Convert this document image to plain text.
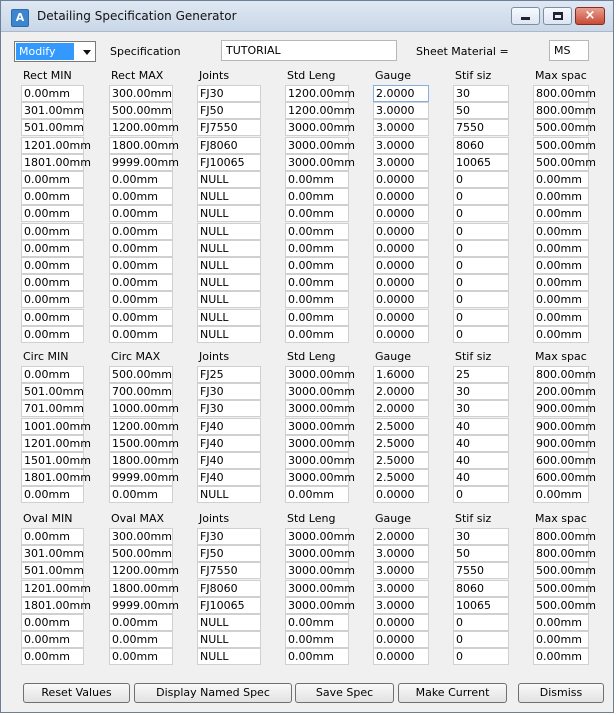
A	Detailing Specification Generator	×
Modify	Specification	TUTORIAL	Sheet Material =	MS
Rect MIN	Rect MAX	Joints	Std Leng	Gauge	Stif siz	Max spac
0.00mm	300.00mm	FJ30	1200.00mm 2.0000	30	800.00mm
301.00mm	500.00mm	FJ50	1200.00mm 3.0000	50	800.00mm
501.00mm	1200.00mm FJ7550	3000.00mm 3.0000	7550	500.00mm
1201.00mm 1800.00mm FJ8060	3000.00mm 3.0000	8060	500.00mm
1801.00mm 9999.00mm FJ10065	3000.00mm 3.0000	10065	500.00mm
0.00mm	0.00mm	NULL	0.00mm	0.0000	0	0.00mm
0.00mm	0.00mm	NULL	0.00mm	0.0000	0	0.00mm
0.00mm	0.00mm	NULL	0.00mm	0.0000	0	0.00mm
0.00mm	0.00mm	NULL	0.00mm	0.0000	0	0.00mm
0.00mm	0.00mm	NULL	0.00mm	0.0000	0	0.00mm
0.00mm	0.00mm	NULL	0.00mm	0.0000	0	0.00mm
0.00mm	0.00mm	NULL	0.00mm	0.0000	0	0.00mm
0.00mm	0.00mm	NULL	0.00mm	0.0000	0	0.00mm
0.00mm	0.00mm	NULL	0.00mm	0.0000	0	0.00mm
0.00mm	0.00mm	NULL	0.00mm	0.0000	0	0.00mm
Circ MIN	Circ MAX	Joints	Std Leng	Gauge	Stif siz	Max spac
0.00mm	500.00mm	FJ25	3000.00mm 1.6000	25	800.00mm
501.00mm	700.00mm	FJ30	3000.00mm 2.0000	30	200.00mm
701.00mm	1000.00mm FJ30	3000.00mm 2.0000	30	900.00mm
1001.00mm 1200.00mm FJ40	3000.00mm 2.5000	40	900.00mm
1201.00mm 1500.00mm FJ40	3000.00mm 2.5000	40	900.00mm
1501.00mm 1800.00mm FJ40	3000.00mm 2.5000	40	600.00mm
1801.00mm 9999.00mm FJ40	3000.00mm 2.5000	40	600.00mm
0.00mm	0.00mm	NULL	0.00mm	0.0000	0	0.00mm
Oval MIN	Oval MAX	Joints	Std Leng	Gauge	Stif siz	Max spac
0.00mm	300.00mm	FJ30	3000.00mm 2.0000	30	800.00mm
301.00mm	500.00mm	FJ50	3000.00mm 3.0000	50	800.00mm
501.00mm	1200.00mm FJ7550	3000.00mm 3.0000	7550	500.00mm
1201.00mm 1800.00mm FJ8060	3000.00mm 3.0000	8060	500.00mm
1801.00mm 9999.00mm FJ10065	3000.00mm 3.0000	10065	500.00mm
0.00mm	0.00mm	NULL	0.00mm	0.0000	0	0.00mm
0.00mm	0.00mm	NULL	0.00mm	0.0000	0	0.00mm
0.00mm	0.00mm	NULL	0.00mm	0.0000	0	0.00mm
Reset Values	Display Named Spec	Save Spec	Make Current	Dismiss
